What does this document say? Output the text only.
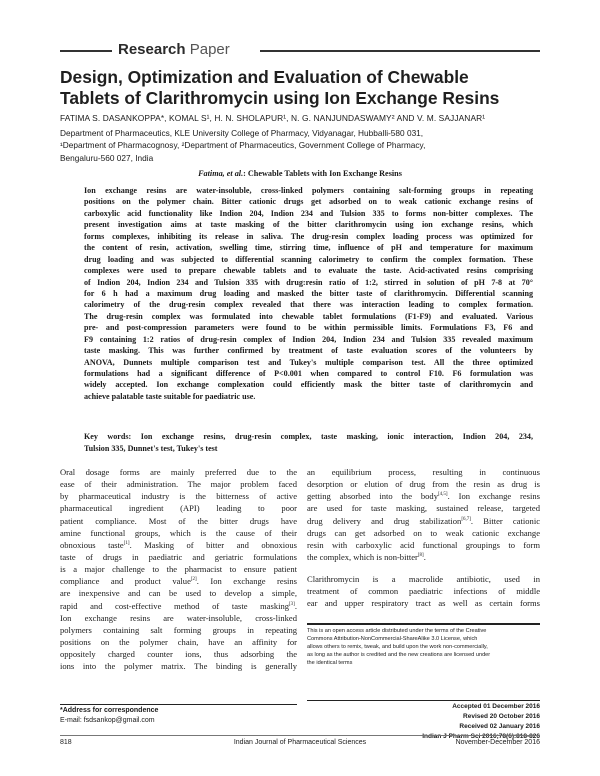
Research Paper
Design, Optimization and Evaluation of Chewable
Tablets of Clarithromycin using Ion Exchange Resins
FATIMA S. DASANKOPPA*, KOMAL S¹, H. N. SHOLAPUR¹, N. G. NANJUNDASWAMY² AND V. M. SAJJANAR¹
Department of Pharmaceutics, KLE University College of Pharmacy, Vidyanagar, Hubballi-580 031,
¹Department of Pharmacognosy, ²Department of Pharmaceutics, Government College of Pharmacy,
Bengaluru-560 027, India
Fatima, et al.: Chewable Tablets with Ion Exchange Resins
Ion exchange resins are water-insoluble, cross-linked polymers containing salt-forming groups in repeating
positions on the polymer chain. Bitter cationic drugs get adsorbed on to weak cationic exchange resins of
carboxylic acid functionality like Indion 204, Indion 234 and Tulsion 335 to forms non-bitter complexes. The
present investigation aims at taste masking of the bitter clarithromycin using ion exchange resins, which
forms complexes, inhibiting its release in saliva. The drug-resin complex loading process was optimized for
the content of resin, activation, swelling time, stirring time, influence of pH and temperature for maximum
drug loading and was subjected to differential scanning calorimetry to confirm the complex formation. These
complexes were used to prepare chewable tablets and to evaluate the taste. Acid-activated resins comprising
of Indion 204, Indion 234 and Tulsion 335 with drug:resin ratio of 1:2, stirred in solution of pH 7-8 at 70°
for 6 h had a maximum drug loading and masked the bitter taste of clarithromycin. Differential scanning
calorimetry of the drug-resin complex revealed that there was interaction leading to complex formation.
The drug-resin complex was formulated into chewable tablet formulations (F1-F9) and evaluated. Various
pre- and post-compression parameters were found to be within permissible limits. Formulations F3, F6 and
F9 containing 1:2 ratios of drug-resin complex of Indion 204, Indion 234 and Tulsion 335 revealed maximum
taste masking. This was further confirmed by treatment of taste evaluation scores of the volunteers by
ANOVA, Dunnets multiple comparison test and Tukey's multiple comparison test. All the three optimized
formulations had a significant difference of P<0.001 when compared to control F10. F6 formulation was
widely accepted. Ion exchange complexation could efficiently mask the bitter taste of clarithromycin and
achieve palatable taste suitable for paediatric use.
Key words: Ion exchange resins, drug-resin complex, taste masking, ionic interaction, Indion 204, 234,
Tulsion 335, Dunnet's test, Tukey's test
Oral dosage forms are mainly preferred due to the
ease of their administration. The major problem faced
by pharmaceutical industry is the bitterness of active
pharmaceutical ingredient (API) leading to poor
patient compliance. Most of the bitter drugs have
amine functional groups, which is the cause of their
obnoxious taste[1]. Masking of bitter and obnoxious
taste of drugs in paediatric and geriatric formulations
is a major challenge to the pharmacist to ensure patient
compliance and product value[2]. Ion exchange resins
are inexpensive and can be used to develop a simple,
rapid and cost-effective method of taste masking[3].
Ion exchange resins are water-insoluble, cross-linked
polymers containing salt forming groups in repeating
positions on the polymer chain, have an affinity for
oppositely charged counter ions, thus adsorbing the
ions into the polymer matrix. The binding is generally
an equilibrium process, resulting in continuous
desorption or elution of drug from the resin as drug is
getting absorbed into the body[4,5]. Ion exchange resins
are used for taste masking, sustained release, targeted
drug delivery and drug stabilization[6,7]. Bitter cationic
drugs can get adsorbed on to weak cationic exchange
resin with carboxylic acid functional groupings to form
the complex, which is non-bitter[8].
Clarithromycin is a macrolide antibiotic, used in
treatment of common paediatric infections of middle
ear and upper respiratory tract as well as certain forms
This is an open access article distributed under the terms of the Creative
Commons Attribution-NonCommercial-ShareAlike 3.0 License, which
allows others to remix, tweak, and build upon the work non-commercially,
as long as the author is credited and the new creations are licensed under
the identical terms
Accepted 01 December 2016
Revised 20 October 2016
Received 02 January 2016
Indian J Pharm Sci 2016;78(6):818-826
*Address for correspondence
E-mail: fsdsankop@gmail.com
818	Indian Journal of Pharmaceutical Sciences	November-December 2016
